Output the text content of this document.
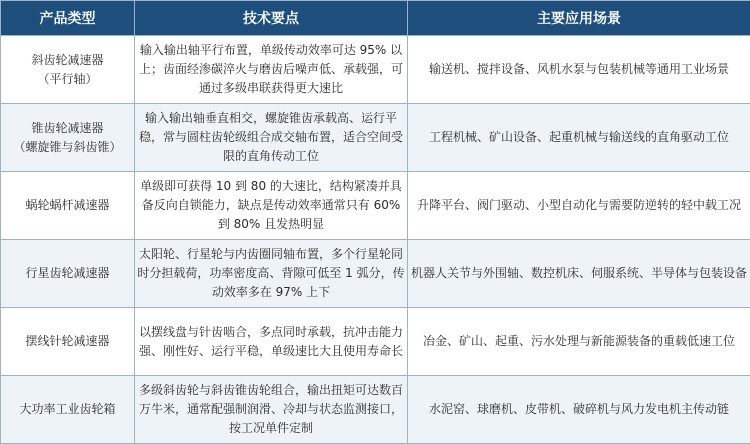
产品类型	技术要点	主要应用场景

斜齿轮减速器
（平行轴）	输入输出轴平行布置，单级传动效率可达 95% 以上；齿面经渗碳淬火与磨齿后噪声低、承载强，可通过多级串联获得更大速比	输送机、搅拌设备、风机水泵与包装机械等通用工业场景

锥齿轮减速器
（螺旋锥与斜齿锥）	输入输出轴垂直相交，螺旋锥齿承载高、运行平稳，常与圆柱齿轮级组合成交轴布置，适合空间受限的直角传动工位	工程机械、矿山设备、起重机械与输送线的直角驱动工位

蜗轮蜗杆减速器	单级即可获得 10 到 80 的大速比，结构紧凑并具备反向自锁能力，缺点是传动效率通常只有 60% 到 80% 且发热明显	升降平台、阀门驱动、小型自动化与需要防逆转的轻中载工况

行星齿轮减速器	太阳轮、行星轮与内齿圈同轴布置，多个行星轮同时分担载荷，功率密度高、背隙可低至 1 弧分，传动效率多在 97% 上下	机器人关节与外围轴、数控机床、伺服系统、半导体与包装设备

摆线针轮减速器	以摆线盘与针齿啮合，多点同时承载，抗冲击能力强、刚性好、运行平稳，单级速比大且使用寿命长	冶金、矿山、起重、污水处理与新能源装备的重载低速工位

大功率工业齿轮箱	多级斜齿轮与斜齿锥齿轮组合，输出扭矩可达数百万牛米，通常配强制润滑、冷却与状态监测接口，按工况单件定制	水泥窑、球磨机、皮带机、破碎机与风力发电机主传动链
